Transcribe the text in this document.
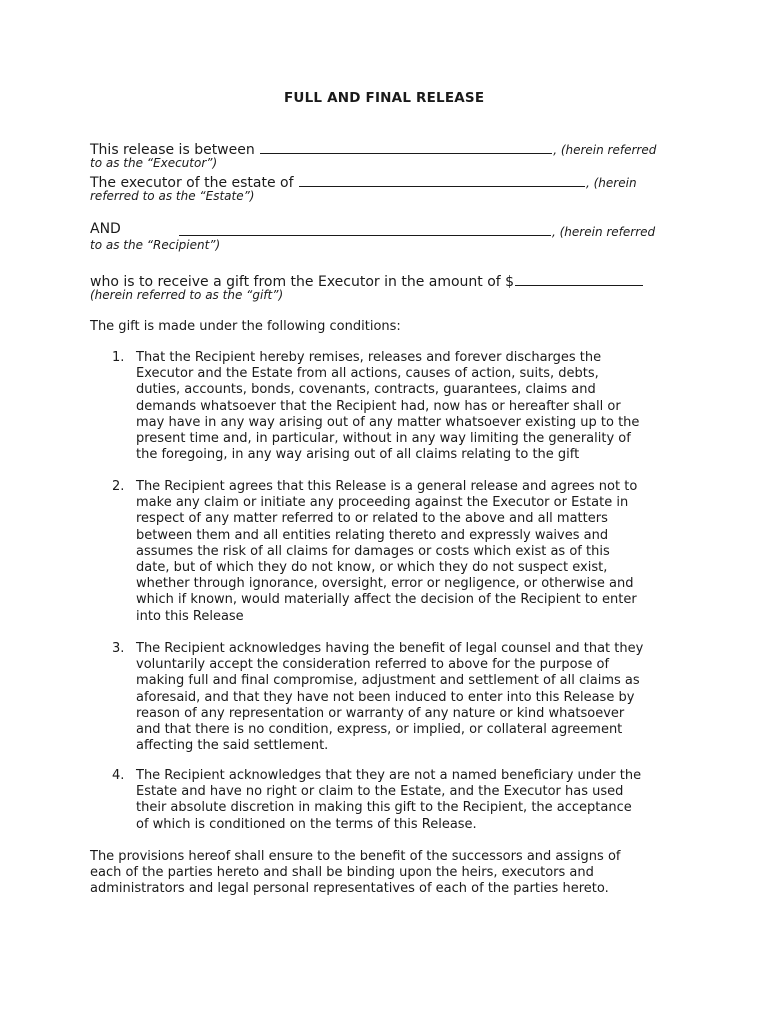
FULL AND FINAL RELEASE
This release is between	, (herein referred
to as the “Executor”)
The executor of the estate of	, (herein
referred to as the “Estate”)
AND	, (herein referred
to as the “Recipient”)
who is to receive a gift from the Executor in the amount of $
(herein referred to as the “gift”)
The gift is made under the following conditions:
1. That the Recipient hereby remises, releases and forever discharges the
Executor and the Estate from all actions, causes of action, suits, debts,
duties, accounts, bonds, covenants, contracts, guarantees, claims and
demands whatsoever that the Recipient had, now has or hereafter shall or
may have in any way arising out of any matter whatsoever existing up to the
present time and, in particular, without in any way limiting the generality of
the foregoing, in any way arising out of all claims relating to the gift
2. The Recipient agrees that this Release is a general release and agrees not to
make any claim or initiate any proceeding against the Executor or Estate in
respect of any matter referred to or related to the above and all matters
between them and all entities relating thereto and expressly waives and
assumes the risk of all claims for damages or costs which exist as of this
date, but of which they do not know, or which they do not suspect exist,
whether through ignorance, oversight, error or negligence, or otherwise and
which if known, would materially affect the decision of the Recipient to enter
into this Release
3. The Recipient acknowledges having the benefit of legal counsel and that they
voluntarily accept the consideration referred to above for the purpose of
making full and final compromise, adjustment and settlement of all claims as
aforesaid, and that they have not been induced to enter into this Release by
reason of any representation or warranty of any nature or kind whatsoever
and that there is no condition, express, or implied, or collateral agreement
affecting the said settlement.
4. The Recipient acknowledges that they are not a named beneficiary under the
Estate and have no right or claim to the Estate, and the Executor has used
their absolute discretion in making this gift to the Recipient, the acceptance
of which is conditioned on the terms of this Release.
The provisions hereof shall ensure to the benefit of the successors and assigns of
each of the parties hereto and shall be binding upon the heirs, executors and
administrators and legal personal representatives of each of the parties hereto.
